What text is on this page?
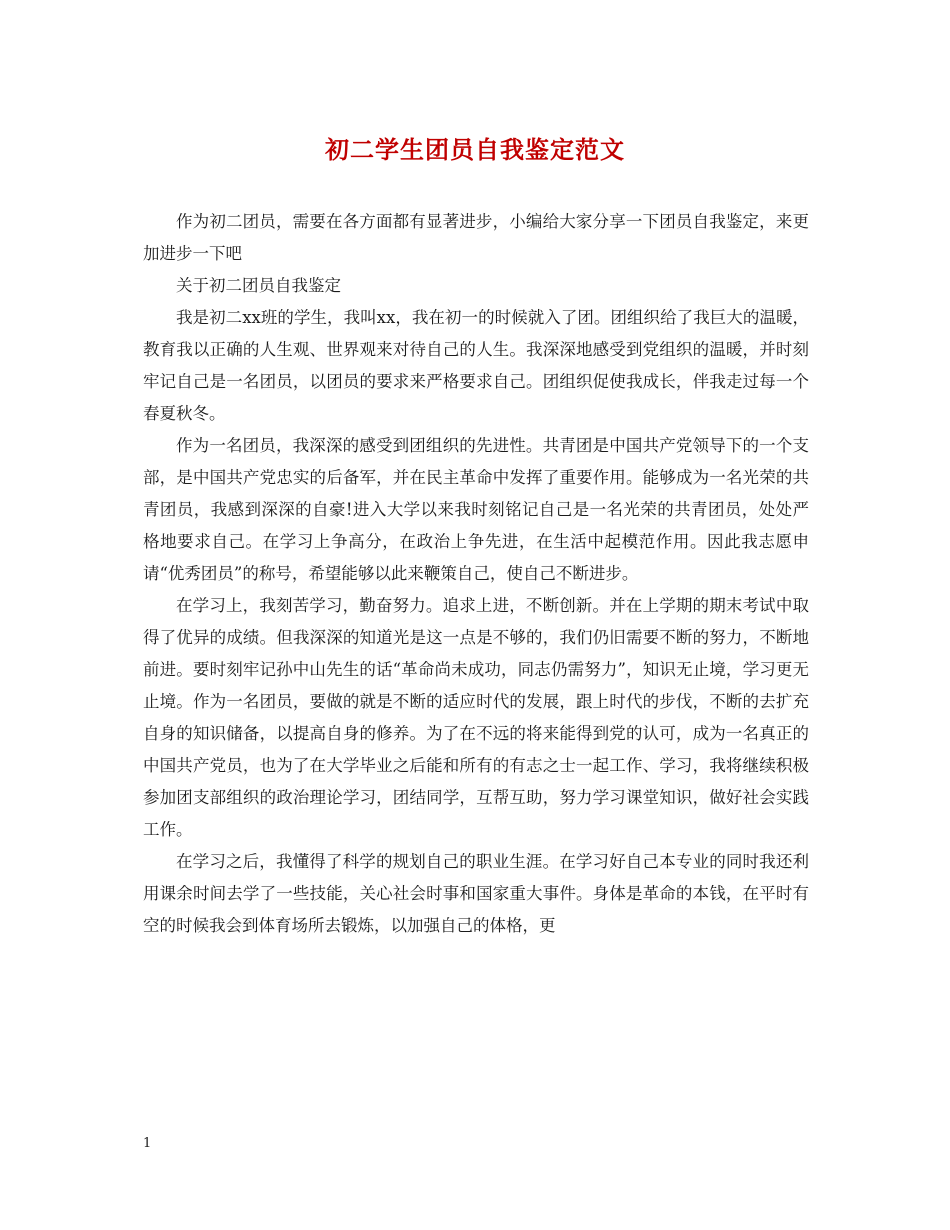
初二学生团员自我鉴定范文

作为初二团员，需要在各方面都有显著进步，小编给大家分享一下团员自我鉴定，来更加进步一下吧

关于初二团员自我鉴定

我是初二xx班的学生，我叫xx，我在初一的时候就入了团。团组织给了我巨大的温暖，教育我以正确的人生观、世界观来对待自己的人生。我深深地感受到党组织的温暖，并时刻牢记自己是一名团员，以团员的要求来严格要求自己。团组织促使我成长，伴我走过每一个春夏秋冬。

作为一名团员，我深深的感受到团组织的先进性。共青团是中国共产党领导下的一个支部，是中国共产党忠实的后备军，并在民主革命中发挥了重要作用。能够成为一名光荣的共青团员，我感到深深的自豪!进入大学以来我时刻铭记自己是一名光荣的共青团员，处处严格地要求自己。在学习上争高分，在政治上争先进，在生活中起模范作用。因此我志愿申请“优秀团员”的称号，希望能够以此来鞭策自己，使自己不断进步。

在学习上，我刻苦学习，勤奋努力。追求上进，不断创新。并在上学期的期末考试中取得了优异的成绩。但我深深的知道光是这一点是不够的，我们仍旧需要不断的努力，不断地前进。要时刻牢记孙中山先生的话“革命尚未成功，同志仍需努力”，知识无止境，学习更无止境。作为一名团员，要做的就是不断的适应时代的发展，跟上时代的步伐，不断的去扩充自身的知识储备，以提高自身的修养。为了在不远的将来能得到党的认可，成为一名真正的中国共产党员，也为了在大学毕业之后能和所有的有志之士一起工作、学习，我将继续积极参加团支部组织的政治理论学习，团结同学，互帮互助，努力学习课堂知识，做好社会实践工作。

在学习之后，我懂得了科学的规划自己的职业生涯。在学习好自己本专业的同时我还利用课余时间去学了一些技能，关心社会时事和国家重大事件。身体是革命的本钱，在平时有空的时候我会到体育场所去锻炼，以加强自己的体格，更

1
